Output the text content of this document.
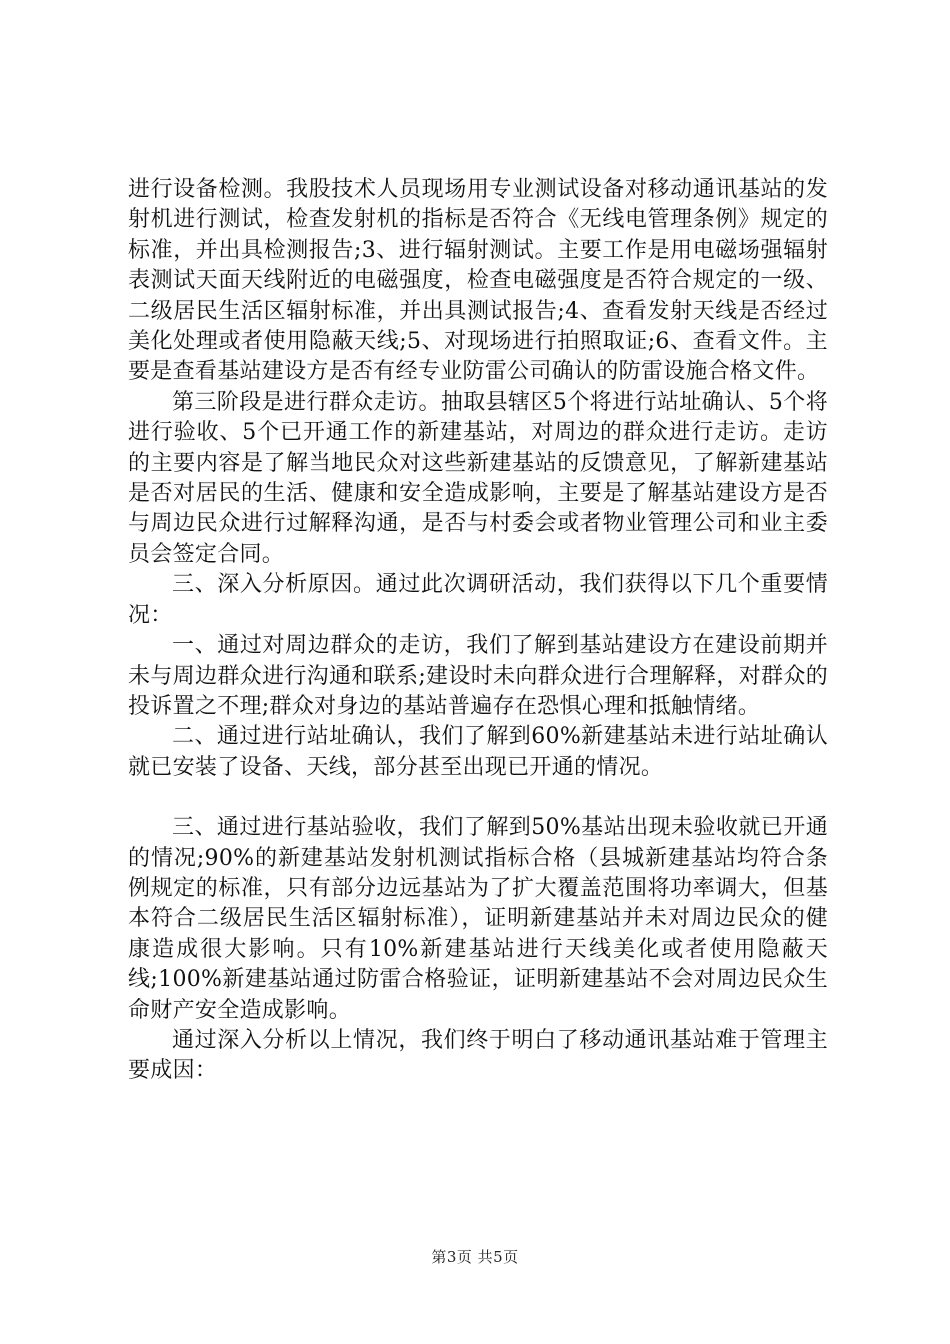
进行设备检测。我股技术人员现场用专业测试设备对移动通讯基站的发射机进行测试，检查发射机的指标是否符合《无线电管理条例》规定的标准，并出具检测报告;3、进行辐射测试。主要工作是用电磁场强辐射表测试天面天线附近的电磁强度，检查电磁强度是否符合规定的一级、二级居民生活区辐射标准，并出具测试报告;4、查看发射天线是否经过美化处理或者使用隐蔽天线;5、对现场进行拍照取证;6、查看文件。主要是查看基站建设方是否有经专业防雷公司确认的防雷设施合格文件。

第三阶段是进行群众走访。抽取县辖区5个将进行站址确认、5个将进行验收、5个已开通工作的新建基站，对周边的群众进行走访。走访的主要内容是了解当地民众对这些新建基站的反馈意见，了解新建基站是否对居民的生活、健康和安全造成影响，主要是了解基站建设方是否与周边民众进行过解释沟通，是否与村委会或者物业管理公司和业主委员会签定合同。

三、深入分析原因。通过此次调研活动，我们获得以下几个重要情况：

一、通过对周边群众的走访，我们了解到基站建设方在建设前期并未与周边群众进行沟通和联系;建设时未向群众进行合理解释，对群众的投诉置之不理;群众对身边的基站普遍存在恐惧心理和抵触情绪。

二、通过进行站址确认，我们了解到60%新建基站未进行站址确认就已安装了设备、天线，部分甚至出现已开通的情况。

三、通过进行基站验收，我们了解到50%基站出现未验收就已开通的情况;90%的新建基站发射机测试指标合格（县城新建基站均符合条例规定的标准，只有部分边远基站为了扩大覆盖范围将功率调大，但基本符合二级居民生活区辐射标准），证明新建基站并未对周边民众的健康造成很大影响。只有10%新建基站进行天线美化或者使用隐蔽天线;100%新建基站通过防雷合格验证，证明新建基站不会对周边民众生命财产安全造成影响。

通过深入分析以上情况，我们终于明白了移动通讯基站难于管理主要成因：

第3页 共5页
